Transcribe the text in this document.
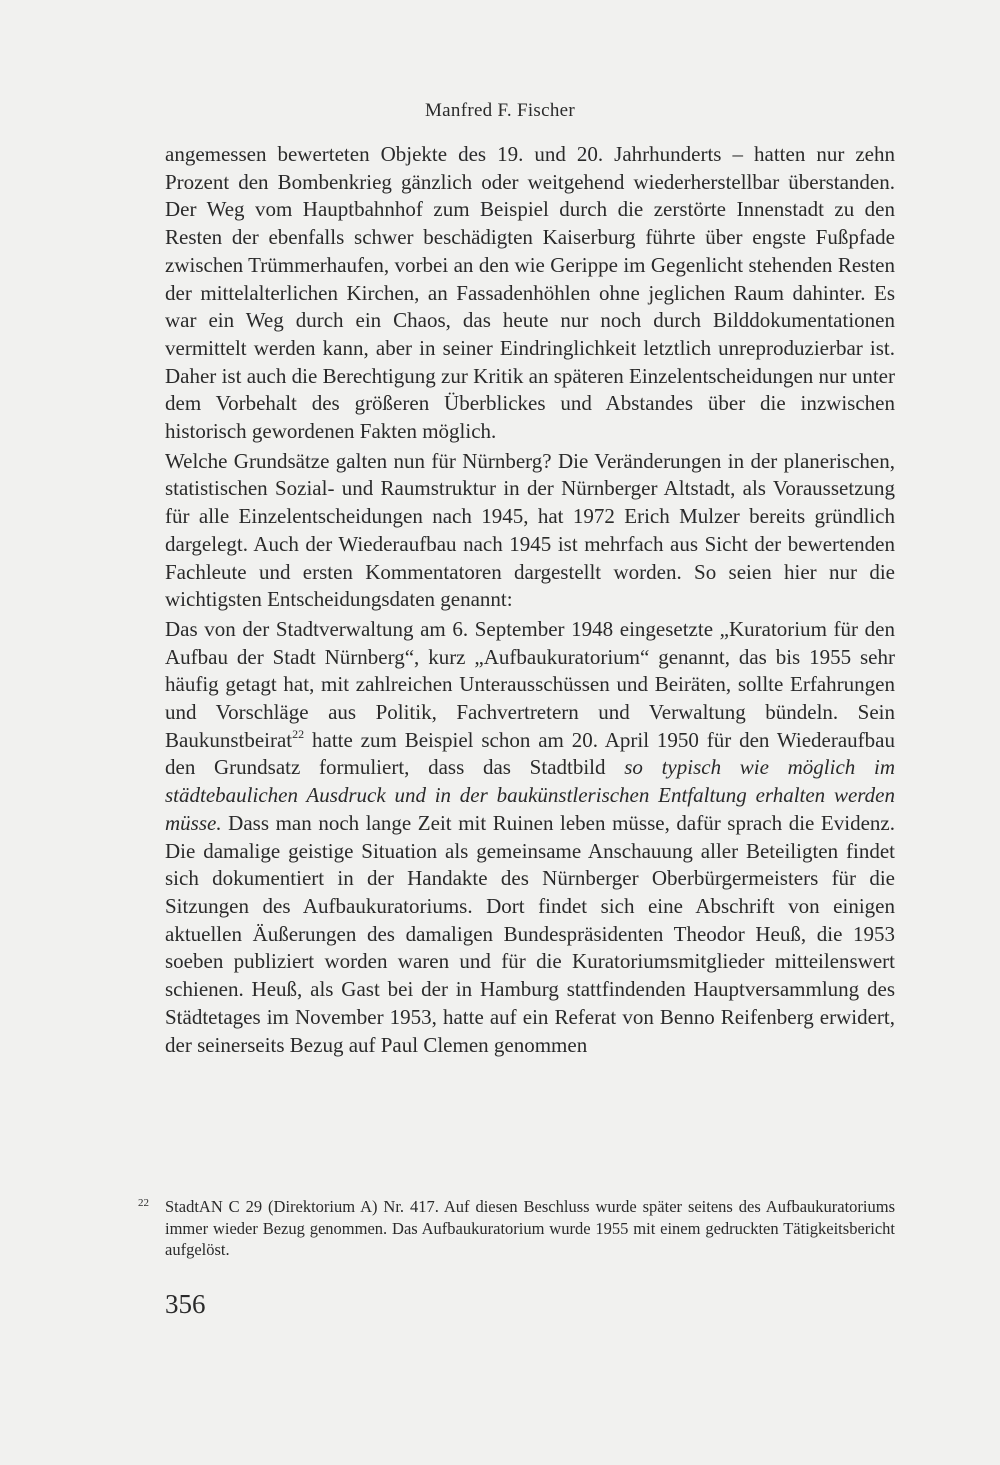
Manfred F. Fischer

angemessen bewerteten Objekte des 19. und 20. Jahrhunderts – hatten nur zehn Prozent den Bombenkrieg gänzlich oder weitgehend wiederherstellbar überstanden. Der Weg vom Hauptbahnhof zum Beispiel durch die zerstörte Innenstadt zu den Resten der ebenfalls schwer beschädigten Kaiserburg führte über engste Fußpfade zwischen Trümmerhaufen, vorbei an den wie Gerippe im Gegenlicht stehenden Resten der mittelalterlichen Kirchen, an Fassadenhöhlen ohne jeglichen Raum dahinter. Es war ein Weg durch ein Chaos, das heute nur noch durch Bilddokumentationen vermittelt werden kann, aber in seiner Eindringlichkeit letztlich unreproduzierbar ist. Daher ist auch die Berechtigung zur Kritik an späteren Einzelentscheidungen nur unter dem Vorbehalt des größeren Überblickes und Abstandes über die inzwischen historisch gewordenen Fakten möglich.

Welche Grundsätze galten nun für Nürnberg? Die Veränderungen in der planerischen, statistischen Sozial- und Raumstruktur in der Nürnberger Altstadt, als Voraussetzung für alle Einzelentscheidungen nach 1945, hat 1972 Erich Mulzer bereits gründlich dargelegt. Auch der Wiederaufbau nach 1945 ist mehrfach aus Sicht der bewertenden Fachleute und ersten Kommentatoren dargestellt worden. So seien hier nur die wichtigsten Entscheidungsdaten genannt:

Das von der Stadtverwaltung am 6. September 1948 eingesetzte „Kuratorium für den Aufbau der Stadt Nürnberg“, kurz „Aufbaukuratorium“ genannt, das bis 1955 sehr häufig getagt hat, mit zahlreichen Unterausschüssen und Beiräten, sollte Erfahrungen und Vorschläge aus Politik, Fachvertretern und Verwaltung bündeln. Sein Baukunstbeirat$^{22}$ hatte zum Beispiel schon am 20. April 1950 für den Wiederaufbau den Grundsatz formuliert, dass das Stadtbild so typisch wie möglich im städtebaulichen Ausdruck und in der baukünstlerischen Entfaltung erhalten werden müsse. Dass man noch lange Zeit mit Ruinen leben müsse, dafür sprach die Evidenz. Die damalige geistige Situation als gemeinsame Anschauung aller Beteiligten findet sich dokumentiert in der Handakte des Nürnberger Oberbürgermeisters für die Sitzungen des Aufbaukuratoriums. Dort findet sich eine Abschrift von einigen aktuellen Äußerungen des damaligen Bundespräsidenten Theodor Heuß, die 1953 soeben publiziert worden waren und für die Kuratoriumsmitglieder mitteilenswert schienen. Heuß, als Gast bei der in Hamburg stattfindenden Hauptversammlung des Städtetages im November 1953, hatte auf ein Referat von Benno Reifenberg erwidert, der seinerseits Bezug auf Paul Clemen genommen

22 StadtAN C 29 (Direktorium A) Nr. 417. Auf diesen Beschluss wurde später seitens des Aufbaukuratoriums immer wieder Bezug genommen. Das Aufbaukuratorium wurde 1955 mit einem gedruckten Tätigkeitsbericht aufgelöst.
356
